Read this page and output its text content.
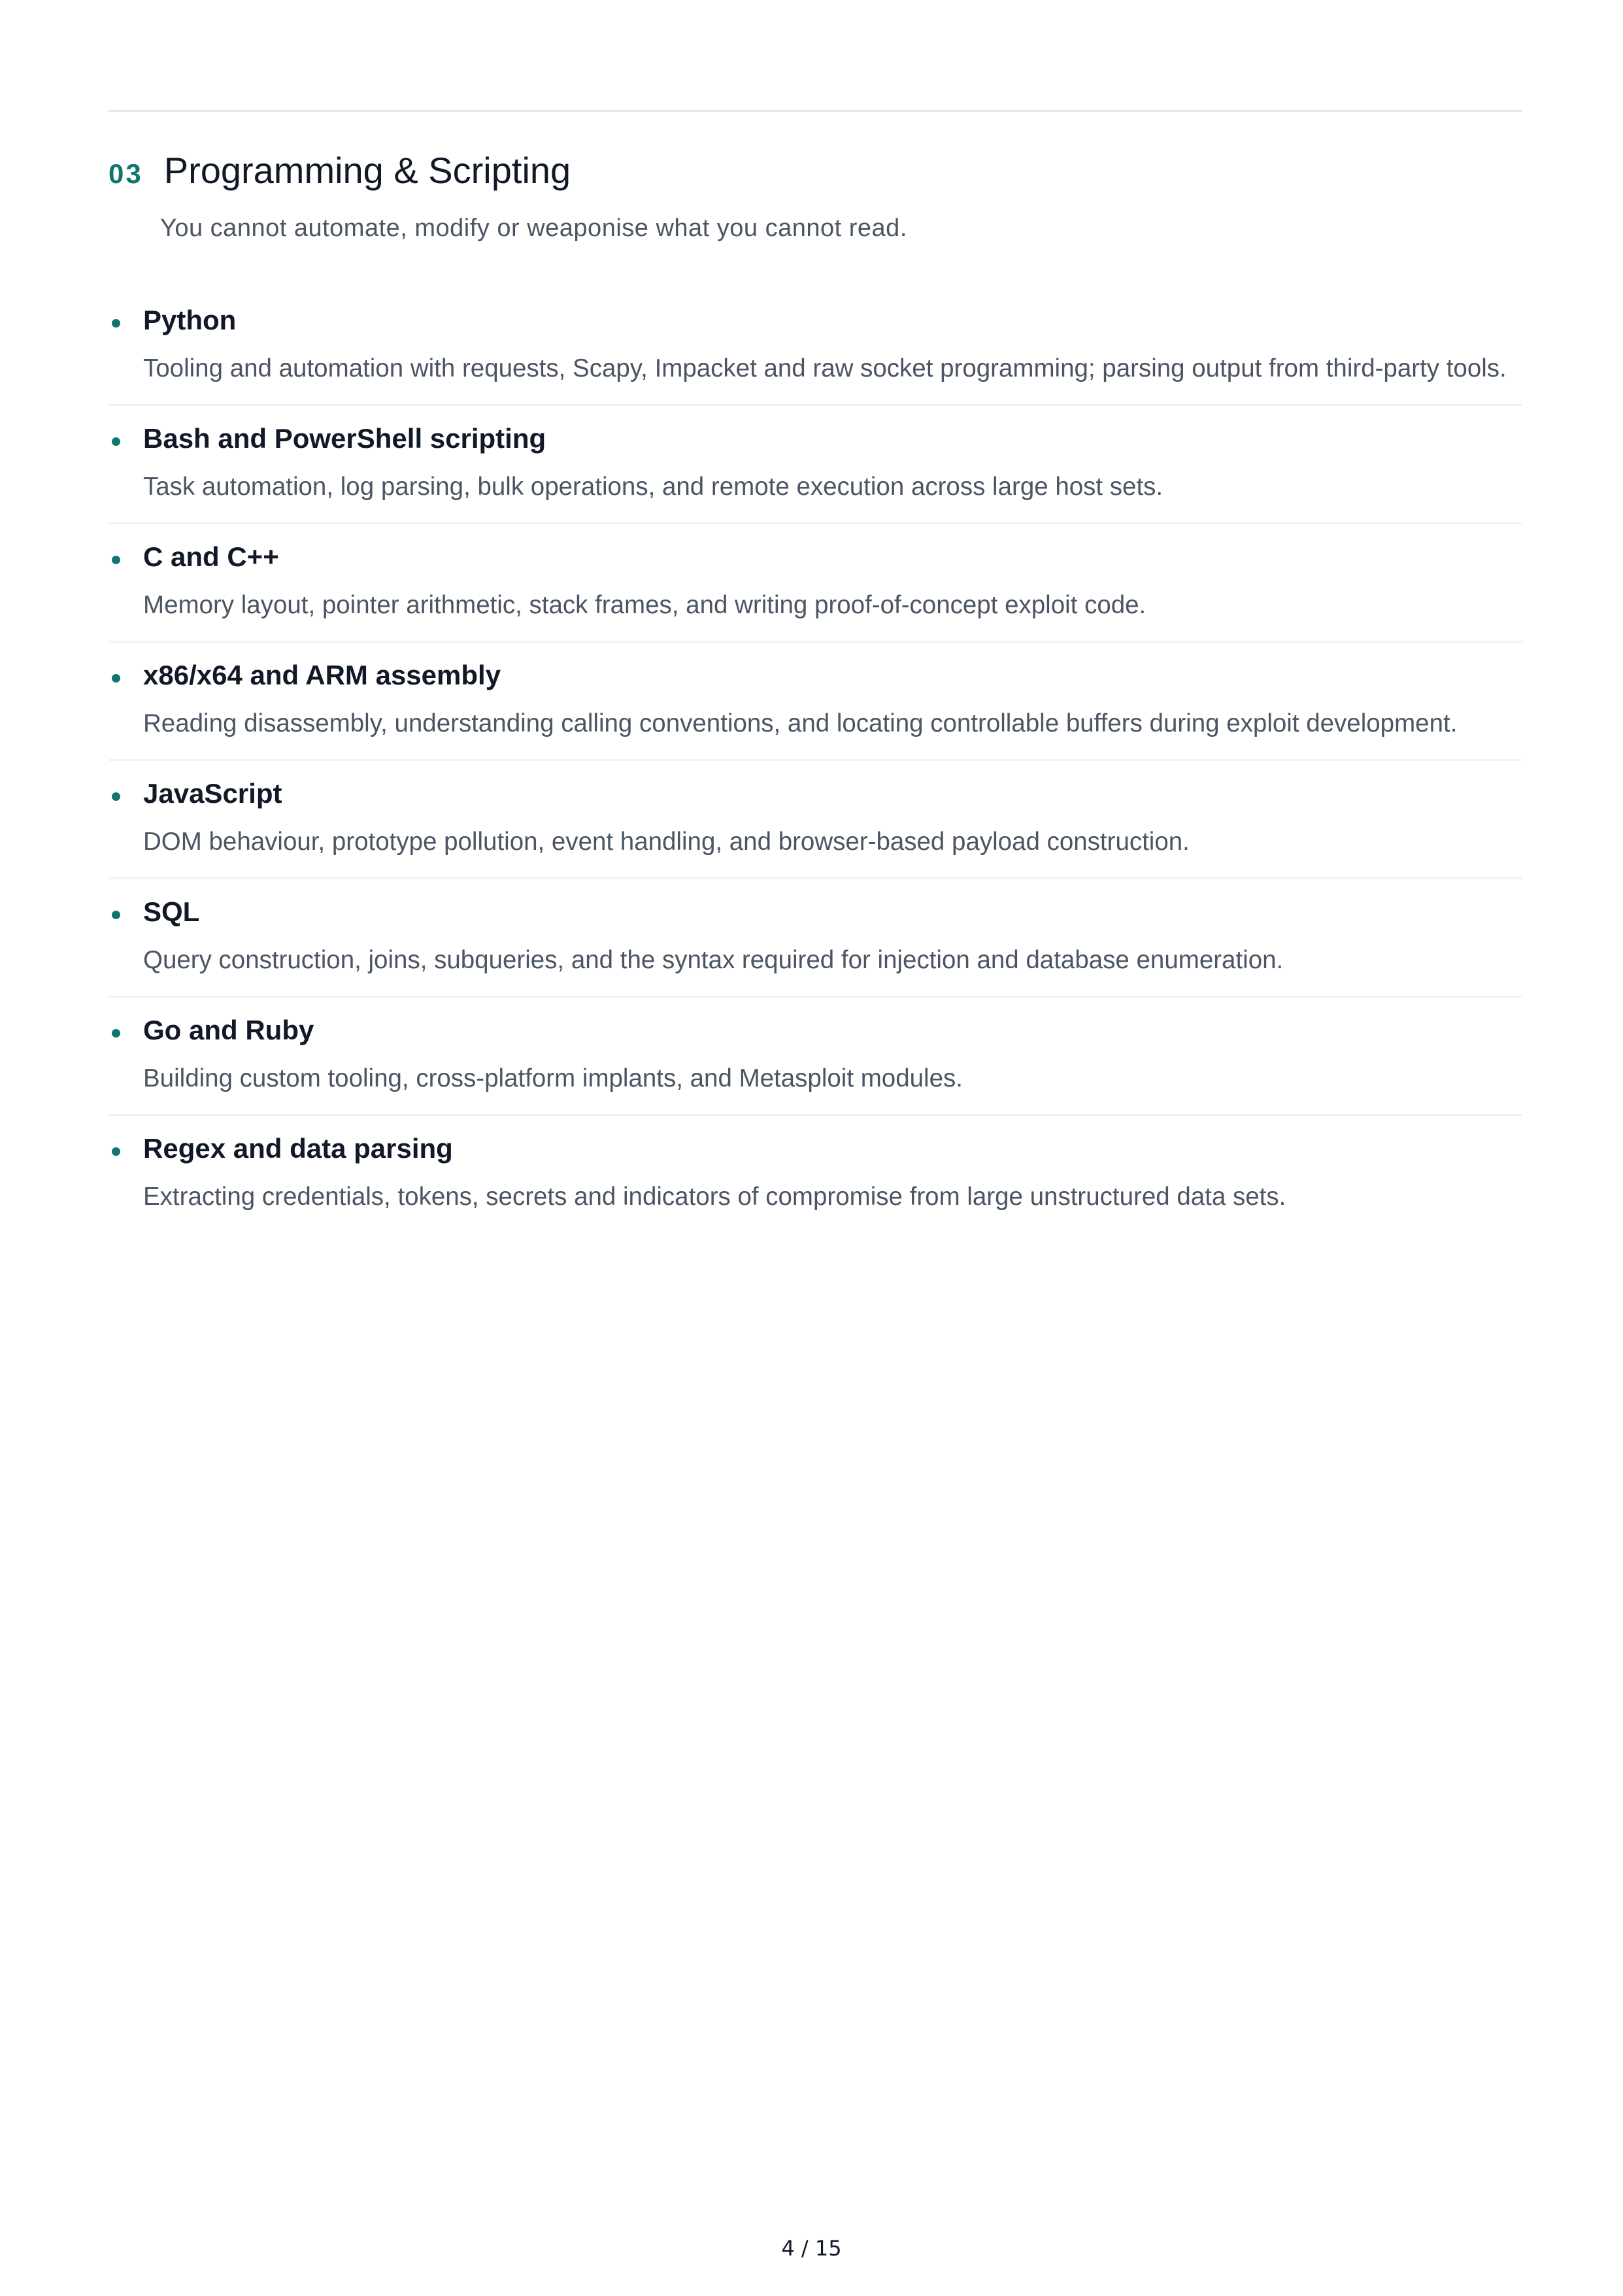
03 Programming & Scripting
You cannot automate, modify or weaponise what you cannot read.
Python
Tooling and automation with requests, Scapy, Impacket and raw socket programming; parsing output from third-party tools.
Bash and PowerShell scripting
Task automation, log parsing, bulk operations, and remote execution across large host sets.
C and C++
Memory layout, pointer arithmetic, stack frames, and writing proof-of-concept exploit code.
x86/x64 and ARM assembly
Reading disassembly, understanding calling conventions, and locating controllable buffers during exploit development.
JavaScript
DOM behaviour, prototype pollution, event handling, and browser-based payload construction.
SQL
Query construction, joins, subqueries, and the syntax required for injection and database enumeration.
Go and Ruby
Building custom tooling, cross-platform implants, and Metasploit modules.
Regex and data parsing
Extracting credentials, tokens, secrets and indicators of compromise from large unstructured data sets.
4 / 15
